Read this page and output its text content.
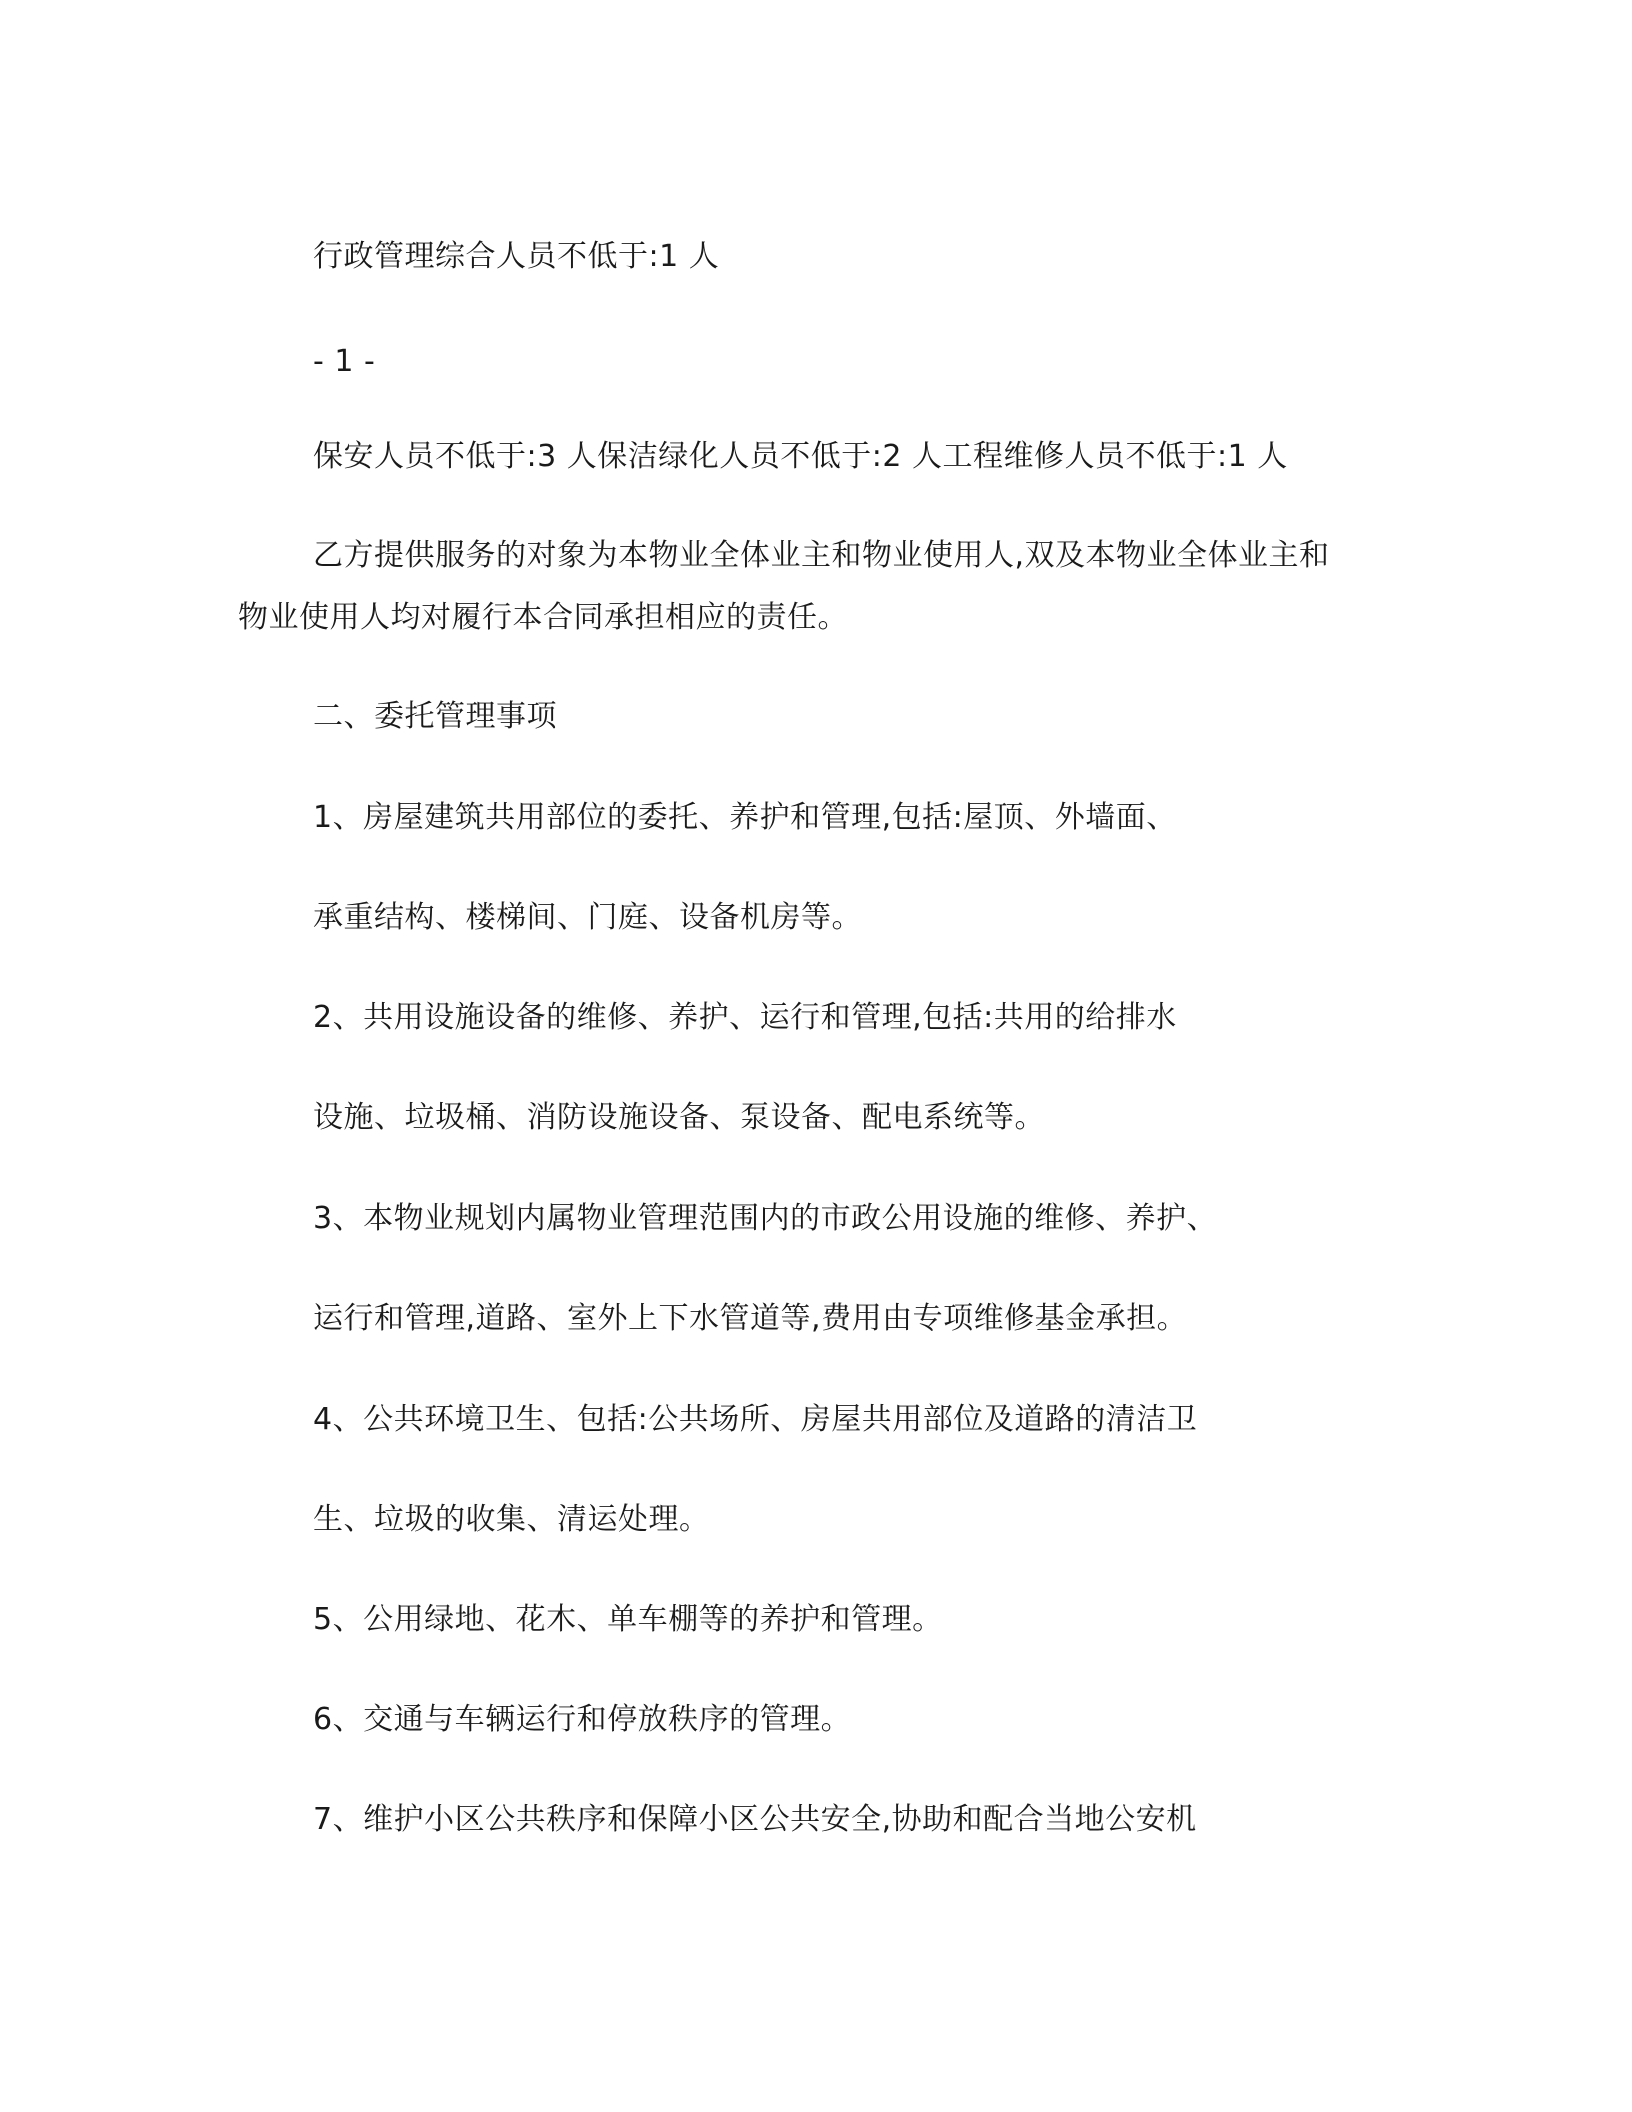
行政管理综合人员不低于:1 人
- 1 -
保安人员不低于:3 人保洁绿化人员不低于:2 人工程维修人员不低于:1 人
乙方提供服务的对象为本物业全体业主和物业使用人,双及本物业全体业主和
物业使用人均对履行本合同承担相应的责任。
二、委托管理事项
1、房屋建筑共用部位的委托、养护和管理,包括:屋顶、外墙面、
承重结构、楼梯间、门庭、设备机房等。
2、共用设施设备的维修、养护、运行和管理,包括:共用的给排水
设施、垃圾桶、消防设施设备、泵设备、配电系统等。
3、本物业规划内属物业管理范围内的市政公用设施的维修、养护、
运行和管理,道路、室外上下水管道等,费用由专项维修基金承担。
4、公共环境卫生、包括:公共场所、房屋共用部位及道路的清洁卫
生、垃圾的收集、清运处理。
5、公用绿地、花木、单车棚等的养护和管理。
6、交通与车辆运行和停放秩序的管理。
7、维护小区公共秩序和保障小区公共安全,协助和配合当地公安机
